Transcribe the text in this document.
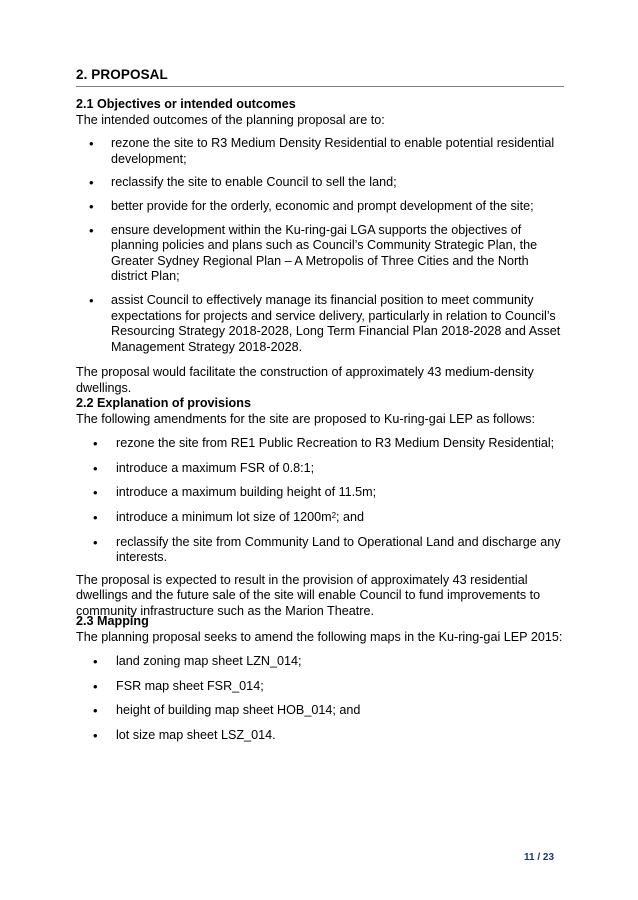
2. PROPOSAL
2.1 Objectives or intended outcomes
The intended outcomes of the planning proposal are to:
• rezone the site to R3 Medium Density Residential to enable potential residential development;
• reclassify the site to enable Council to sell the land;
• better provide for the orderly, economic and prompt development of the site;
• ensure development within the Ku-ring-gai LGA supports the objectives of planning policies and plans such as Council’s Community Strategic Plan, the Greater Sydney Regional Plan – A Metropolis of Three Cities and the North district Plan;
• assist Council to effectively manage its financial position to meet community expectations for projects and service delivery, particularly in relation to Council’s Resourcing Strategy 2018-2028, Long Term Financial Plan 2018-2028 and Asset Management Strategy 2018-2028.
The proposal would facilitate the construction of approximately 43 medium-density dwellings.
2.2 Explanation of provisions
The following amendments for the site are proposed to Ku-ring-gai LEP as follows:
• rezone the site from RE1 Public Recreation to R3 Medium Density Residential;
• introduce a maximum FSR of 0.8:1;
• introduce a maximum building height of 11.5m;
• introduce a minimum lot size of $1200m^2$; and
• reclassify the site from Community Land to Operational Land and discharge any interests.
The proposal is expected to result in the provision of approximately 43 residential dwellings and the future sale of the site will enable Council to fund improvements to community infrastructure such as the Marion Theatre.
2.3 Mapping
The planning proposal seeks to amend the following maps in the Ku-ring-gai LEP 2015:
• land zoning map sheet LZN_014;
• FSR map sheet FSR_014;
• height of building map sheet HOB_014; and
• lot size map sheet LSZ_014.
11 / 23
